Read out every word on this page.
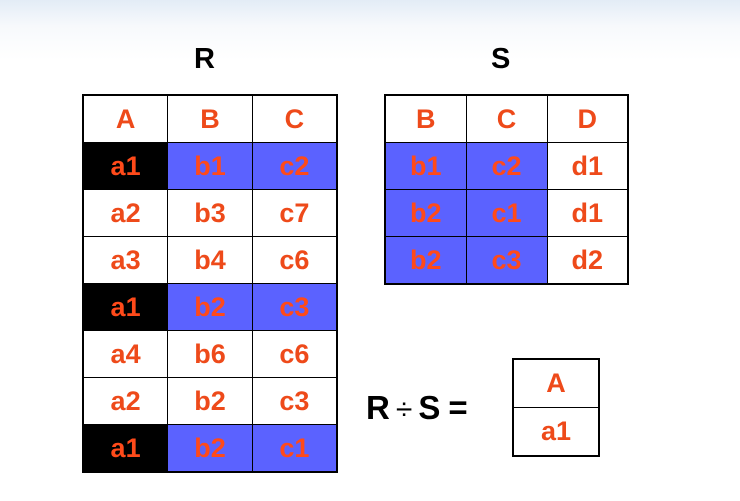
R	S
A	B	C
a1	b1	c2
a2	b3	c7
a3	b4	c6
a1	b2	c3
a4	b6	c6
a2	b2	c3
a1	b2	c1
B	C	D
b1	c2	d1
b2	c1	d1
b2	c3	d2
R ÷ S =
A
a1
